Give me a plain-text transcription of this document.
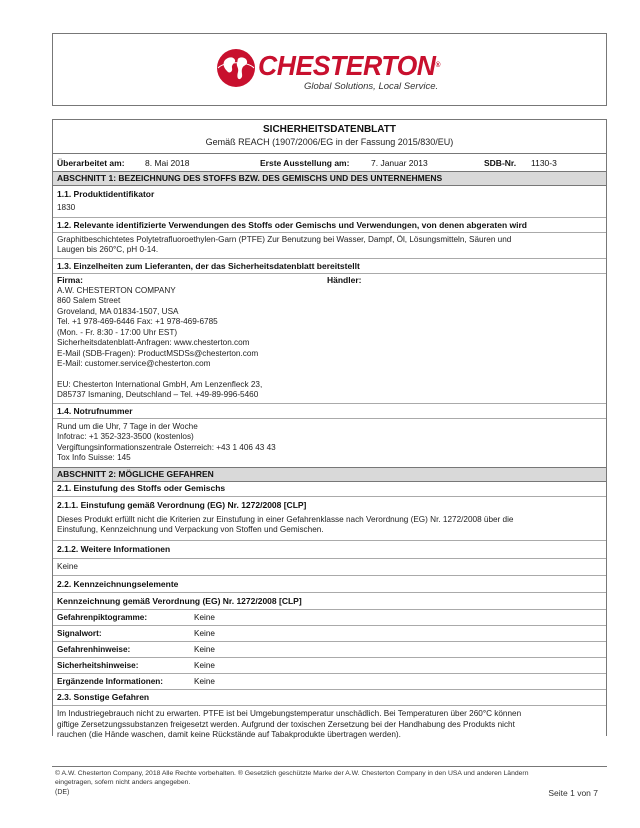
CHESTERTON®
Global Solutions, Local Service.
SICHERHEITSDATENBLATT
Gemäß REACH (1907/2006/EG in der Fassung 2015/830/EU)
Überarbeitet am: 8. Mai 2018	Erste Ausstellung am:	7. Januar 2013	SDB-Nr. 1130-3
ABSCHNITT 1: BEZEICHNUNG DES STOFFS BZW. DES GEMISCHS UND DES UNTERNEHMENS
1.1. Produktidentifikator
1830
1.2. Relevante identifizierte Verwendungen des Stoffs oder Gemischs und Verwendungen, von denen abgeraten wird
Graphitbeschichtetes Polytetrafluoroethylen-Garn (PTFE) Zur Benutzung bei Wasser, Dampf, Öl, Lösungsmitteln, Säuren und
Laugen bis 260°C, pH 0-14.
1.3. Einzelheiten zum Lieferanten, der das Sicherheitsdatenblatt bereitstellt
Firma:	Händler:
A.W. CHESTERTON COMPANY
860 Salem Street
Groveland, MA 01834-1507, USA
Tel. +1 978-469-6446 Fax: +1 978-469-6785
(Mon. - Fr. 8:30 - 17:00 Uhr EST)
Sicherheitsdatenblatt-Anfragen: www.chesterton.com
E-Mail (SDB-Fragen): ProductMSDSs@chesterton.com
E-Mail: customer.service@chesterton.com
EU: Chesterton International GmbH, Am Lenzenfleck 23,
D85737 Ismaning, Deutschland – Tel. +49-89-996-5460
1.4. Notrufnummer
Rund um die Uhr, 7 Tage in der Woche
Infotrac: +1 352-323-3500 (kostenlos)
Vergiftungsinformationszentrale Österreich: +43 1 406 43 43
Tox Info Suisse: 145
ABSCHNITT 2: MÖGLICHE GEFAHREN
2.1. Einstufung des Stoffs oder Gemischs
2.1.1. Einstufung gemäß Verordnung (EG) Nr. 1272/2008 [CLP]
Dieses Produkt erfüllt nicht die Kriterien zur Einstufung in einer Gefahrenklasse nach Verordnung (EG) Nr. 1272/2008 über die
Einstufung, Kennzeichnung und Verpackung von Stoffen und Gemischen.
2.1.2. Weitere Informationen
Keine
2.2. Kennzeichnungselemente
Kennzeichnung gemäß Verordnung (EG) Nr. 1272/2008 [CLP]
Gefahrenpiktogramme:	Keine
Signalwort:	Keine
Gefahrenhinweise:	Keine
Sicherheitshinweise:	Keine
Ergänzende Informationen:	Keine
2.3. Sonstige Gefahren
Im Industriegebrauch nicht zu erwarten. PTFE ist bei Umgebungstemperatur unschädlich. Bei Temperaturen über 260°C können
giftige Zersetzungssubstanzen freigesetzt werden. Aufgrund der toxischen Zersetzung bei der Handhabung des Produkts nicht
rauchen (die Hände waschen, damit keine Rückstände auf Tabakprodukte übertragen werden).
© A.W. Chesterton Company, 2018 Alle Rechte vorbehalten. ® Gesetzlich geschützte Marke der A.W. Chesterton Company in den USA und anderen Ländern
eingetragen, sofern nicht anders angegeben.
(DE)	Seite 1 von 7
